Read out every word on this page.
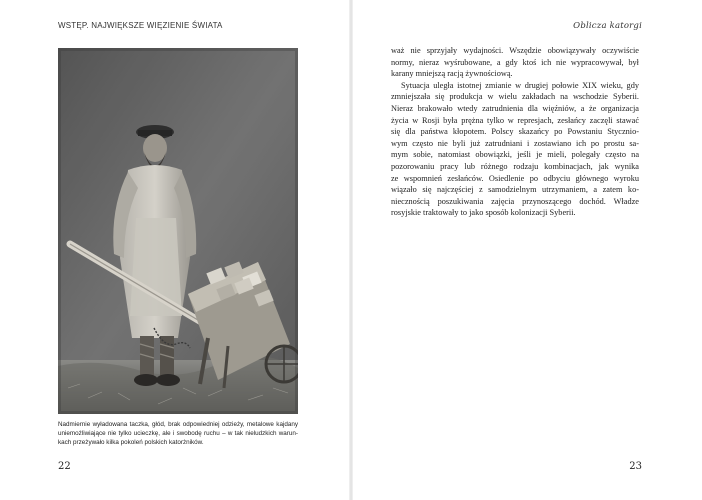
WSTĘP. NAJWIĘKSZE WIĘZIENIE ŚWIATA
Nadmiernie wyładowana taczka, głód, brak odpowiedniej odzieży, metalowe kajdany
uniemożliwiające nie tylko ucieczkę, ale i swobodę ruchu – w tak nieludzkich warun-
kach przeżywało kilka pokoleń polskich katorżników.
22
Oblicza katorgi
waż nie sprzyjały wydajności. Wszędzie obowiązywały oczywiście
normy, nieraz wyśrubowane, a gdy ktoś ich nie wypracowywał, był
karany mniejszą racją żywnościową.
Sytuacja uległa istotnej zmianie w drugiej połowie XIX wieku, gdy
zmniejszała się produkcja w wielu zakładach na wschodzie Syberii.
Nieraz brakowało wtedy zatrudnienia dla więźniów, a że organizacja
życia w Rosji była prężna tylko w represjach, zesłańcy zaczęli stawać
się dla państwa kłopotem. Polscy skazańcy po Powstaniu Stycznio-
wym często nie byli już zatrudniani i zostawiano ich po prostu sa-
mym sobie, natomiast obowiązki, jeśli je mieli, polegały często na
pozorowaniu pracy lub różnego rodzaju kombinacjach, jak wynika
ze wspomnień zesłańców. Osiedlenie po odbyciu głównego wyroku
wiązało się najczęściej z samodzielnym utrzymaniem, a zatem ko-
niecznością poszukiwania zajęcia przynoszącego dochód. Władze
rosyjskie traktowały to jako sposób kolonizacji Syberii.
23
